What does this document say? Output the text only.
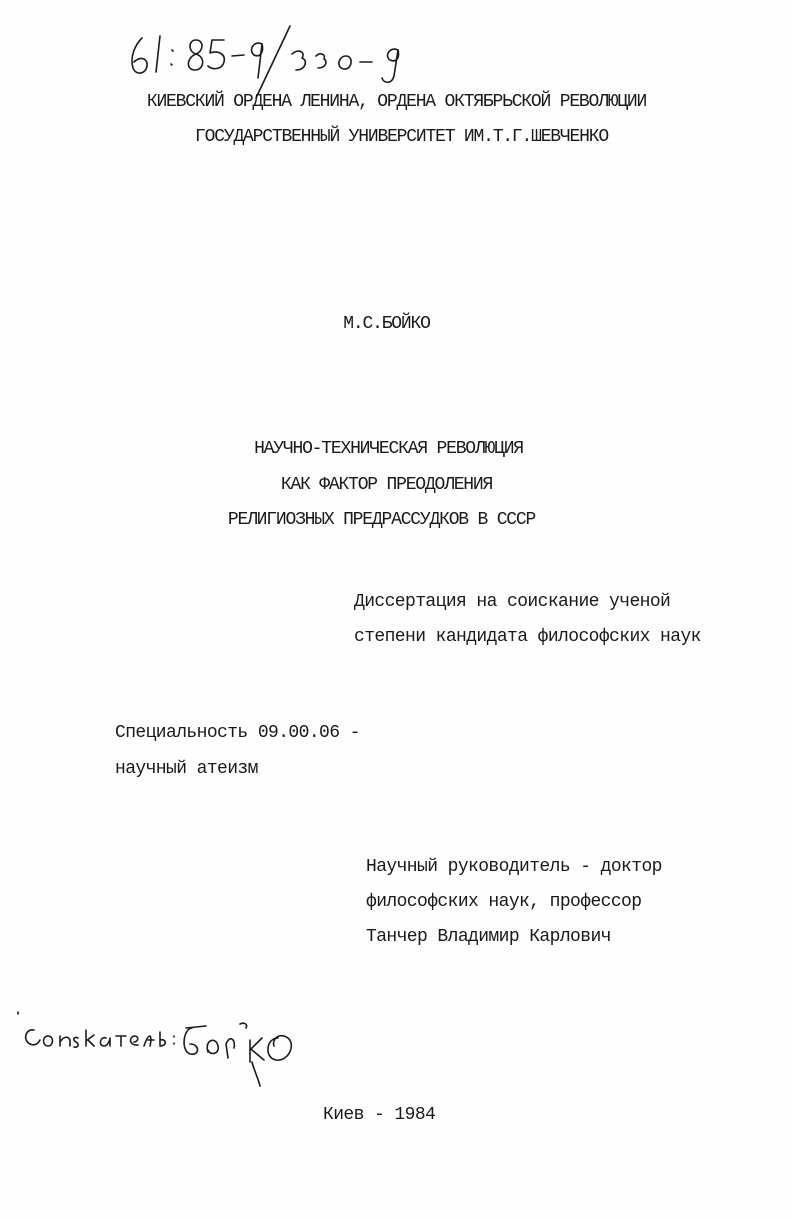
КИЕВСКИЙ ОРДЕНА ЛЕНИНА, ОРДЕНА ОКТЯБРЬСКОЙ РЕВОЛЮЦИИ
ГОСУДАРСТВЕННЫЙ УНИВЕРСИТЕТ ИМ.Т.Г.ШЕВЧЕНКО
М.С.БОЙКО
НАУЧНО-ТЕХНИЧЕСКАЯ РЕВОЛЮЦИЯ
КАК ФАКТОР ПРЕОДОЛЕНИЯ
РЕЛИГИОЗНЫХ ПРЕДРАССУДКОВ В СССР
Диссертация на соискание ученой
степени кандидата философских наук
Специальность 09.00.06 -
научный атеизм
Научный руководитель - доктор
философских наук, профессор
Танчер Владимир Карлович
Киев - 1984
